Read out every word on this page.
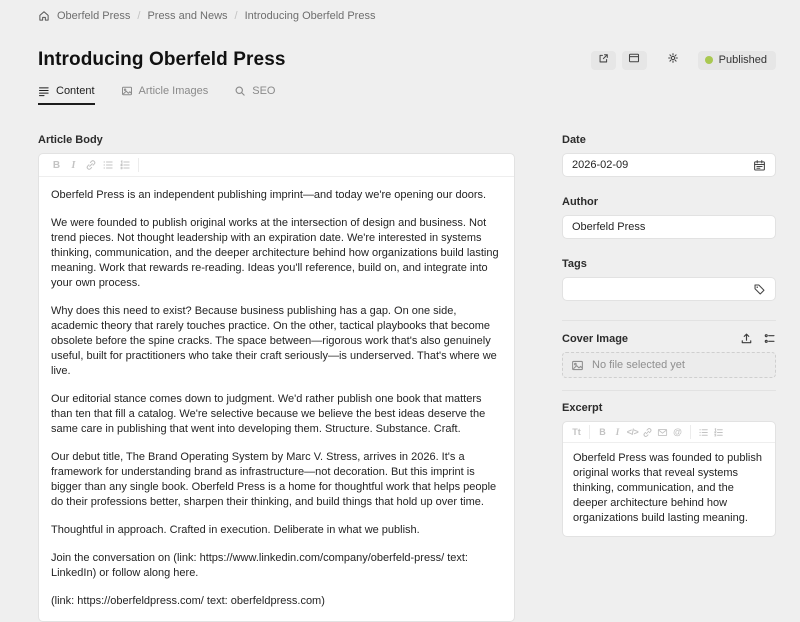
Oberfeld Press / Press and News / Introducing Oberfeld Press
Introducing Oberfeld Press	Published
Content	Article Images	SEO
Article Body
B	I

Oberfeld Press is an independent publishing imprint—and today we're opening our doors.

We were founded to publish original works at the intersection of design and business. Not trend pieces. Not thought leadership with an expiration date. We're interested in systems thinking, communication, and the deeper architecture behind how organizations build lasting meaning. Work that rewards re-reading. Ideas you'll reference, build on, and integrate into your own process.

Why does this need to exist? Because business publishing has a gap. On one side, academic theory that rarely touches practice. On the other, tactical playbooks that become obsolete before the spine cracks. The space between—rigorous work that's also genuinely useful, built for practitioners who take their craft seriously—is underserved. That's where we live.

Our editorial stance comes down to judgment. We'd rather publish one book that matters than ten that fill a catalog. We're selective because we believe the best ideas deserve the same care in publishing that went into developing them. Structure. Substance. Craft.

Our debut title, The Brand Operating System by Marc V. Stress, arrives in 2026. It's a framework for understanding brand as infrastructure—not decoration. But this imprint is bigger than any single book. Oberfeld Press is a home for thoughtful work that helps people do their professions better, sharpen their thinking, and build things that hold up over time.

Thoughtful in approach. Crafted in execution. Deliberate in what we publish.

Join the conversation on (link: https://www.linkedin.com/company/oberfeld-press/ text: LinkedIn) or follow along here.

(link: https://oberfeldpress.com/ text: oberfeldpress.com)

Date
2026-02-09
Author
Oberfeld Press
Tags
Cover Image
No file selected yet
Excerpt
Tt	B	I </>	@
Oberfeld Press was founded to publish original works that reveal systems thinking, communication, and the deeper architecture behind how organizations build lasting meaning.
